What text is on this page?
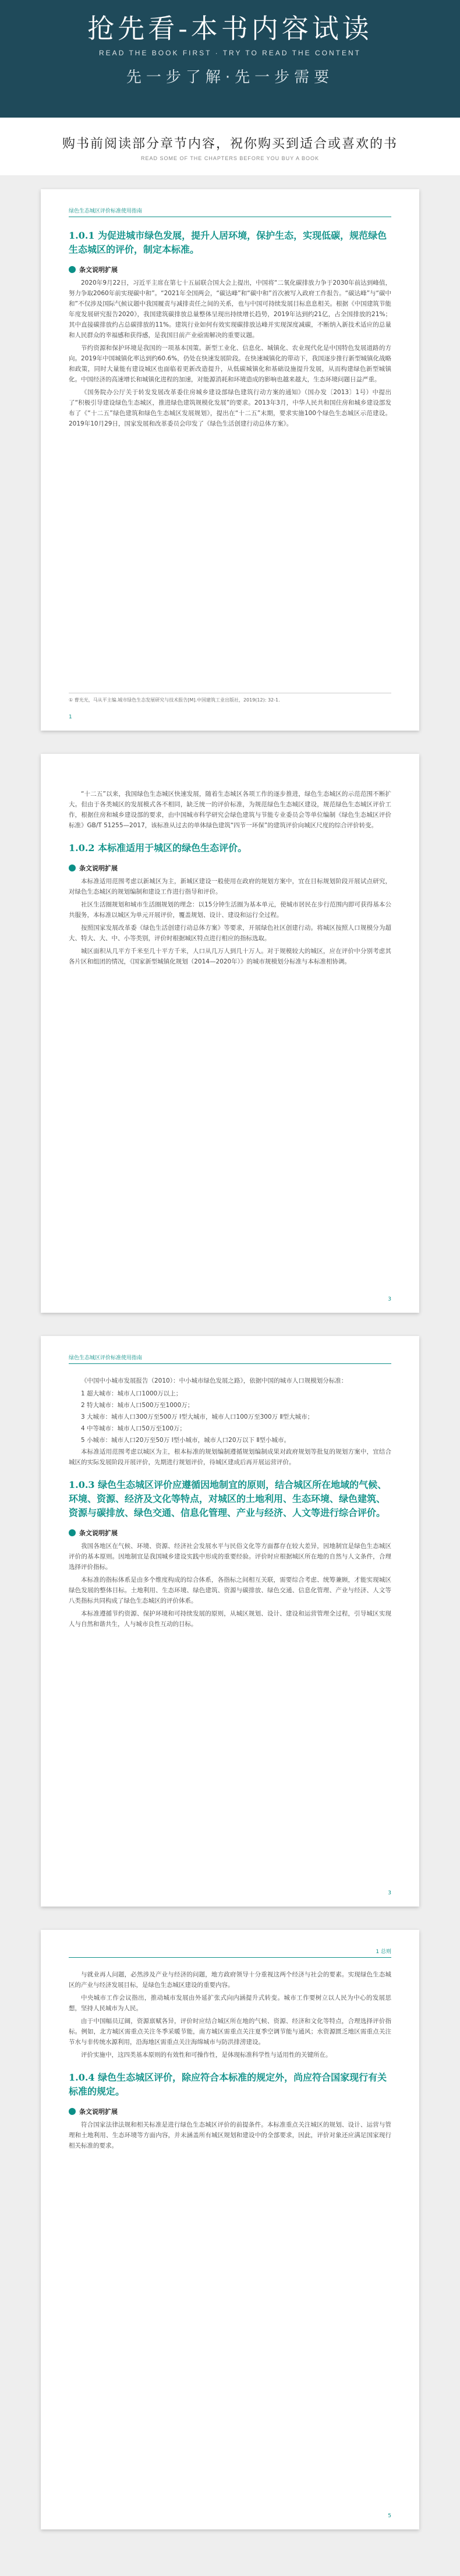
抢先看-本书内容试读
READ THE BOOK FIRST · TRY TO READ THE CONTENT
先一步了解·先一步需要
购书前阅读部分章节内容，祝你购买到适合或喜欢的书
READ SOME OF THE CHAPTERS BEFORE YOU BUY A BOOK
绿色生态城区评价标准使用指南
1.0.1 为促进城市绿色发展，提升人居环境，保护生态，实现低碳，规范绿色生态城区的评价，制定本标准。
条文说明扩展

2020年9月22日，习近平主席在第七十五届联合国大会上提出，中国将“二氧化碳排放力争于2030年前达到峰值，努力争取2060年前实现碳中和”。“2021年全国两会，“碳达峰”和“碳中和”首次被写入政府工作报告。“碳达峰”与“碳中和”不仅涉及国际气候议题中我国履责与减排责任之间的关系，也与中国可持续发展目标息息相关。根据《中国建筑节能年度发展研究报告2020》，我国建筑碳排放总量整体呈现出持续增长趋势，2019年达到约21亿，占全国排放的21%；其中直接碳排放约占总碳排放的11%。建筑行业如何有效实现碳排放达峰并实现深度减碳，不断纳入新技术适应的总量和人民群众的幸福感和获得感，是我国目前产业亟需解决的重要议题。

节约资源和保护环境是我国的一项基本国策。新型工业化、信息化、城镇化、农业现代化是中国特色发展道路的方向。2019年中国城镇化率达到约60.6%，仍处在快速发展阶段。在快速城镇化的带动下，我国逐步推行新型城镇化战略和政策，同时大量能有建设城区也面临着更新改造提升，从低碳城镇化和基础设施提升发展，从而构建绿色新型城镇化。中国经济的高速增长和城镇化进程的加速，对能源消耗和环境造成的影响也越来越大，生态环境问题日益严重。

《国务院办公厅关于转发发展改革委住房城乡建设部绿色建筑行动方案的通知》（国办发〔2013〕1号）中提出了“积极引导建设绿色生态城区，推进绿色建筑规模化发展”的要求。2013年3月，中华人民共和国住房和城乡建设部发布了《“十二五”绿色建筑和绿色生态城区发展规划》，提出在“十二五”末期，要求实施100个绿色生态城区示范建设。2019年10月29日，国家发展和改革委员会印发了《绿色生活创建行动总体方案》。

① 曹光光，马从平主编.城市绿色生态发展研究与技术报告[M].中国建筑工业出版社，2019(12): 32-1.
1

“十二五”以来，我国绿色生态城区快速发展，随着生态城区各项工作的逐步推进，绿色生态城区的示范范围不断扩大。但由于各类城区的发展模式各不相同，缺乏统一的评价标准，为规范绿色生态城区建设，规范绿色生态城区评价工作，根据住房和城乡建设部的要求，由中国城市科学研究会绿色建筑与节能专业委员会等单位编制《绿色生态城区评价标准》GB/T 51255—2017，该标准从过去的单体绿色建筑“四节一环保”的建筑评价向城区尺度的综合评价转变。

1.0.2 本标准适用于城区的绿色生态评价。
条文说明扩展

本标准适用范围考虑以新城区为主，新城区建设一般使用在政府的规划方案中，宜在目标规划阶段开展试点研究，对绿色生态城区的规划编制和建设工作进行指导和评价。

社区生活圈规划和城市生活圈规划的理念：以15分钟生活圈为基本单元，使城市居民在步行范围内即可获得基本公共服务，本标准以城区为单元开展评价，覆盖规划、设计、建设和运行全过程。

按照国家发展改革委《绿色生活创建行动总体方案》等要求，开展绿色社区创建行动。将城区按照人口规模分为超大、特大、大、中、小等类别，评价时根据城区特点进行相应的指标选取。

城区面积从几平方千米至几十平方千米，人口从几万人到几十万人。对于规模较大的城区，应在评价中分别考虑其各片区和组团的情况，《国家新型城镇化规划（2014—2020年）》的城市规模划分标准与本标准相协调。

3
绿色生态城区评价标准使用指南

《中国中小城市发展报告（2010）：中小城市绿色发展之路》，依据中国的城市人口规模划分标准：

1 超大城市：城市人口1000万以上；
2 特大城市：城市人口500万至1000万；
3 大城市：城市人口300万至500万 Ⅰ型大城市，城市人口100万至300万 Ⅱ型大城市；
4 中等城市：城市人口50万至100万；
5 小城市：城市人口20万至50万 Ⅰ型小城市，城市人口20万以下 Ⅱ型小城市。

本标准适用范围考虑以城区为主，根本标准的规划编制遵循规划编制成果对政府规划等批复的规划方案中，宜结合城区的实际发展阶段开展评价，先期进行规划评价，待城区建成后再开展运营评价。

1.0.3 绿色生态城区评价应遵循因地制宜的原则，结合城区所在地域的气候、环境、资源、经济及文化等特点，对城区的土地利用、生态环境、绿色建筑、资源与碳排放、绿色交通、信息化管理、产业与经济、人文等进行综合评价。
条文说明扩展

我国各地区在气候、环境、资源、经济社会发展水平与民俗文化等方面都存在较大差异，因地制宜是绿色生态城区评价的基本原则。因地制宜是我国城乡建设实践中形成的重要经验。评价时应根据城区所在地的自然与人文条件，合理选择评价指标。

本标准的指标体系是由多个维度构成的综合体系，各指标之间相互关联，需要综合考虑、统筹兼顾，才能实现城区绿色发展的整体目标。土地利用、生态环境、绿色建筑、资源与碳排放、绿色交通、信息化管理、产业与经济、人文等八类指标共同构成了绿色生态城区的评价体系。

本标准遵循节约资源、保护环境和可持续发展的原则，从城区规划、设计、建设和运营管理全过程，引导城区实现人与自然和谐共生，人与城市良性互动的目标。

3
1 总则

与就业再人问题，必然涉及产业与经济的问题，地方政府领导十分重视这两个经济与社会的要素。实现绿色生态城区的产业与经济发展目标，是绿色生态城区建设的重要内容。

中央城市工作会议指出，推动城市发展由外延扩张式向内涵提升式转变。城市工作要树立以人民为中心的发展思想，坚持人民城市为人民。

由于中国幅员辽阔，资源禀赋各异，评价时应结合城区所在地的气候、资源、经济和文化等特点，合理选择评价指标。例如，北方城区需重点关注冬季采暖节能，南方城区需重点关注夏季空调节能与通风；水资源匮乏地区需重点关注节水与非传统水源利用，沿海地区需重点关注海绵城市与防洪排涝建设。

评价实施中，这四类基本原则的有效性和可操作性，是体现标准科学性与适用性的关键所在。

1.0.4 绿色生态城区评价，除应符合本标准的规定外，尚应符合国家现行有关标准的规定。
条文说明扩展

符合国家法律法规和相关标准是进行绿色生态城区评价的前提条件。本标准重点关注城区的规划、设计、运营与管理和土地利用、生态环境等方面内容，并未涵盖所有城区规划和建设中的全部要求，因此，评价对象还应满足国家现行相关标准的要求。

5
